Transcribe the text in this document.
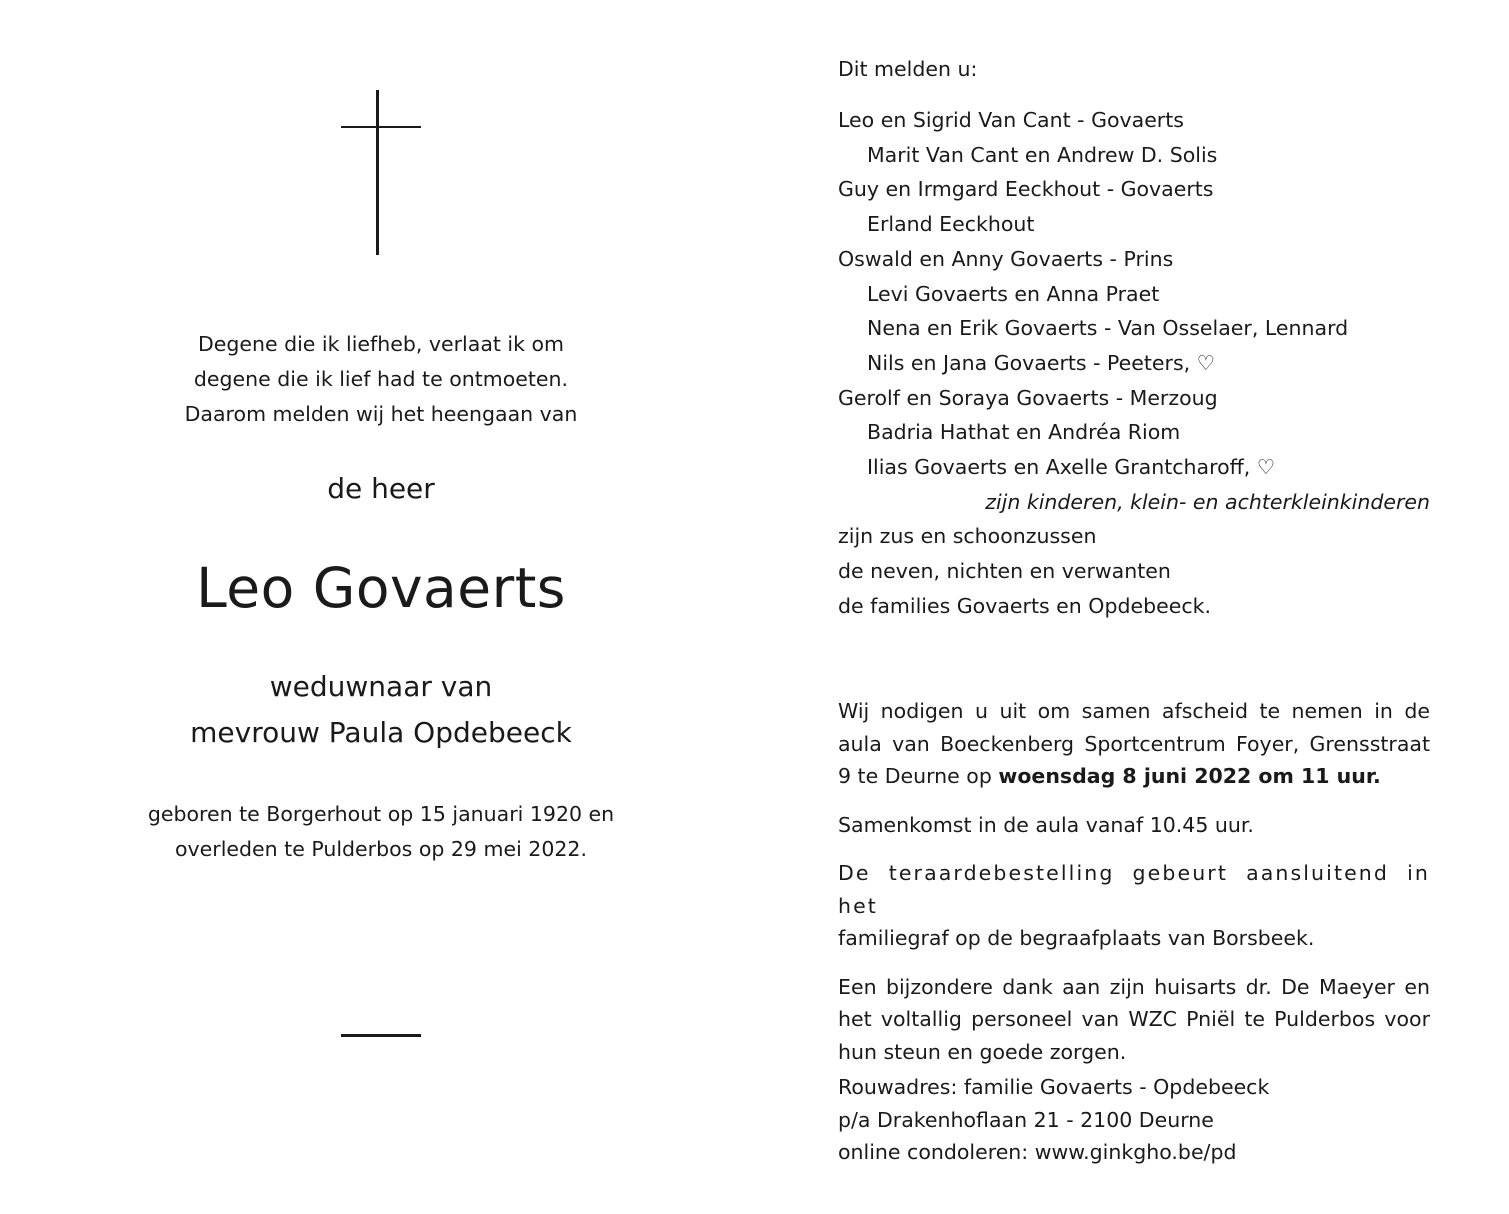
Degene die ik liefheb, verlaat ik om
degene die ik lief had te ontmoeten.
Daarom melden wij het heengaan van
de heer
Leo Govaerts
weduwnaar van
mevrouw Paula Opdebeeck
geboren te Borgerhout op 15 januari 1920 en
overleden te Pulderbos op 29 mei 2022.
Dit melden u:
Leo en Sigrid Van Cant - Govaerts
Marit Van Cant en Andrew D. Solis
Guy en Irmgard Eeckhout - Govaerts
Erland Eeckhout
Oswald en Anny Govaerts - Prins
Levi Govaerts en Anna Praet
Nena en Erik Govaerts - Van Osselaer, Lennard
Nils en Jana Govaerts - Peeters, ♡
Gerolf en Soraya Govaerts - Merzoug
Badria Hathat en Andréa Riom
Ilias Govaerts en Axelle Grantcharoff, ♡
zijn kinderen, klein- en achterkleinkinderen
zijn zus en schoonzussen
de neven, nichten en verwanten
de families Govaerts en Opdebeeck.

Wij nodigen u uit om samen afscheid te nemen in de aula van Boeckenberg Sportcentrum Foyer, Grensstraat 9 te Deurne op woensdag 8 juni 2022 om 11 uur.

Samenkomst in de aula vanaf 10.45 uur.

De teraardebestelling gebeurt aansluitend in het
familiegraf op de begraafplaats van Borsbeek.

Een bijzondere dank aan zijn huisarts dr. De Maeyer en het voltallig personeel van WZC Pniël te Pulderbos voor hun steun en goede zorgen.

Rouwadres: familie Govaerts - Opdebeeck
p/a Drakenhoflaan 21 - 2100 Deurne
online condoleren: www.ginkgho.be/pd
